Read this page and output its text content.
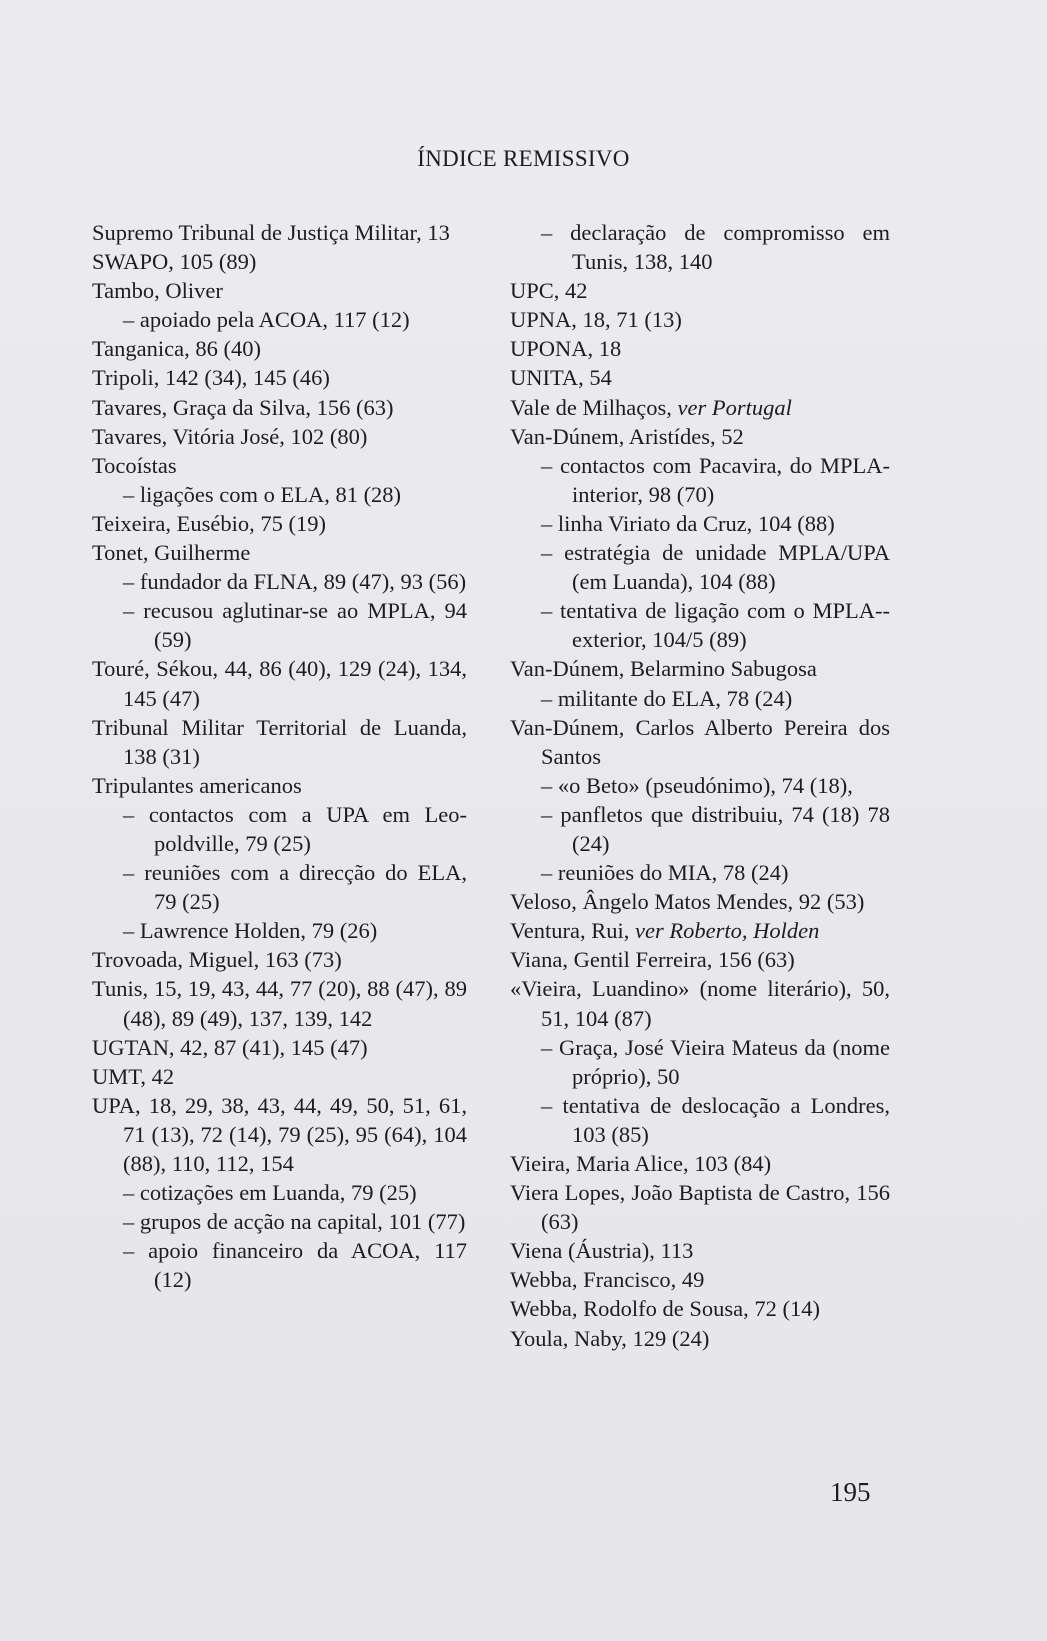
ÍNDICE REMISSIVO
Supremo Tribunal de Justiça Militar, 13
SWAPO, 105 (89)
Tambo, Oliver
– apoiado pela ACOA, 117 (12)
Tanganica, 86 (40)
Tripoli, 142 (34), 145 (46)
Tavares, Graça da Silva, 156 (63)
Tavares, Vitória José, 102 (80)
Tocoístas
– ligações com o ELA, 81 (28)
Teixeira, Eusébio, 75 (19)
Tonet, Guilherme
– fundador da FLNA, 89 (47), 93 (56)
– recusou aglutinar-se ao MPLA, 94 (59)
Touré, Sékou, 44, 86 (40), 129 (24), 134, 145 (47)
Tribunal Militar Territorial de Luanda, 138 (31)
Tripulantes americanos
– contactos com a UPA em Leo-poldville, 79 (25)
– reuniões com a direcção do ELA, 79 (25)
– Lawrence Holden, 79 (26)
Trovoada, Miguel, 163 (73)
Tunis, 15, 19, 43, 44, 77 (20), 88 (47), 89 (48), 89 (49), 137, 139, 142
UGTAN, 42, 87 (41), 145 (47)
UMT, 42
UPA, 18, 29, 38, 43, 44, 49, 50, 51, 61, 71 (13), 72 (14), 79 (25), 95 (64), 104 (88), 110, 112, 154
– cotizações em Luanda, 79 (25)
– grupos de acção na capital, 101 (77)
– apoio financeiro da ACOA, 117 (12)
– declaração de compromisso em Tunis, 138, 140
UPC, 42
UPNA, 18, 71 (13)
UPONA, 18
UNITA, 54
Vale de Milhaços, ver Portugal
Van-Dúnem, Aristídes, 52
– contactos com Pacavira, do MPLA-interior, 98 (70)
– linha Viriato da Cruz, 104 (88)
– estratégia de unidade MPLA/UPA (em Luanda), 104 (88)
– tentativa de ligação com o MPLA--exterior, 104/5 (89)
Van-Dúnem, Belarmino Sabugosa
– militante do ELA, 78 (24)
Van-Dúnem, Carlos Alberto Pereira dos Santos
– «o Beto» (pseudónimo), 74 (18),
– panfletos que distribuiu, 74 (18) 78 (24)
– reuniões do MIA, 78 (24)
Veloso, Ângelo Matos Mendes, 92 (53)
Ventura, Rui, ver Roberto, Holden
Viana, Gentil Ferreira, 156 (63)
«Vieira, Luandino» (nome literário), 50, 51, 104 (87)
– Graça, José Vieira Mateus da (nome próprio), 50
– tentativa de deslocação a Londres, 103 (85)
Vieira, Maria Alice, 103 (84)
Viera Lopes, João Baptista de Castro, 156 (63)
Viena (Áustria), 113
Webba, Francisco, 49
Webba, Rodolfo de Sousa, 72 (14)
Youla, Naby, 129 (24)
195
